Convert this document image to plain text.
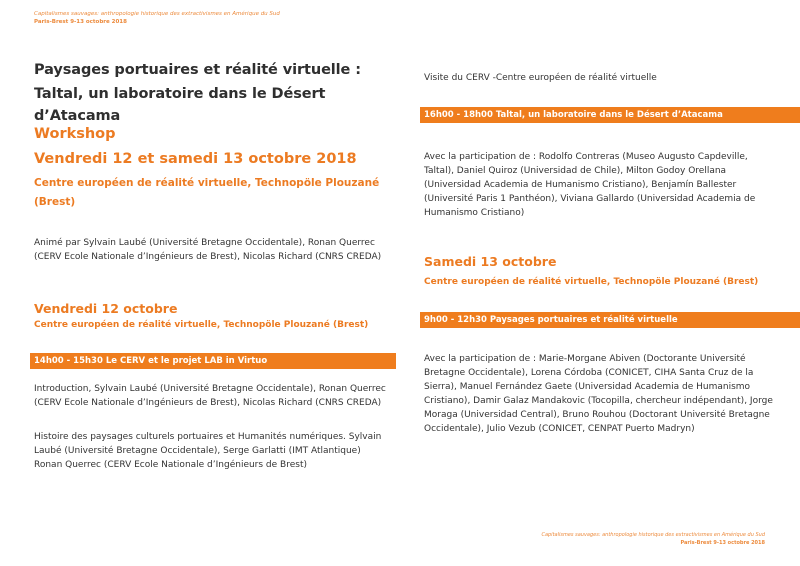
Capitalismes sauvages: anthropologie historique des extractivismes en Amérique du Sud
Paris-Brest 9-13 octobre 2018
Paysages portuaires et réalité virtuelle :
Taltal, un laboratoire dans le Désert d’Atacama
Workshop
Vendredi 12 et samedi 13 octobre 2018
Centre européen de réalité virtuelle, Technopöle Plouzané
(Brest)
Animé par Sylvain Laubé (Université Bretagne Occidentale), Ronan Querrec (CERV Ecole Nationale d’Ingénieurs de Brest), Nicolas Richard (CNRS CREDA)
Vendredi 12 octobre
Centre européen de réalité virtuelle, Technopöle Plouzané (Brest)
14h00 - 15h30 Le CERV et le projet LAB in Virtuo
Introduction, Sylvain Laubé (Université Bretagne Occidentale), Ronan Querrec (CERV Ecole Nationale d’Ingénieurs de Brest), Nicolas Richard (CNRS CREDA)
Histoire des paysages culturels portuaires et Humanités numériques. Sylvain Laubé (Université Bretagne Occidentale), Serge Garlatti (IMT Atlantique) Ronan Querrec (CERV Ecole Nationale d’Ingénieurs de Brest)
Visite du CERV -Centre européen de réalité virtuelle
16h00 - 18h00 Taltal, un laboratoire dans le Désert d’Atacama
Avec la participation de : Rodolfo Contreras (Museo Augusto Capdeville, Taltal), Daniel Quiroz (Universidad de Chile), Milton Godoy Orellana (Universidad Academia de Humanismo Cristiano), Benjamín Ballester (Université Paris 1 Panthéon), Viviana Gallardo (Universidad Academia de Humanismo Cristiano)
Samedi 13 octobre
Centre européen de réalité virtuelle, Technopöle Plouzané (Brest)
9h00 - 12h30 Paysages portuaires et réalité virtuelle
Avec la participation de : Marie-Morgane Abiven (Doctorante Université Bretagne Occidentale), Lorena Córdoba (CONICET, CIHA Santa Cruz de la Sierra), Manuel Fernández Gaete (Universidad Academia de Humanismo Cristiano), Damir Galaz Mandakovic (Tocopilla, chercheur indépendant), Jorge Moraga (Universidad Central), Bruno Rouhou (Doctorant Université Bretagne Occidentale), Julio Vezub (CONICET, CENPAT Puerto Madryn)
Capitalismes sauvages: anthropologie historique des extractivismes en Amérique du Sud
Paris-Brest 9-13 octobre 2018
